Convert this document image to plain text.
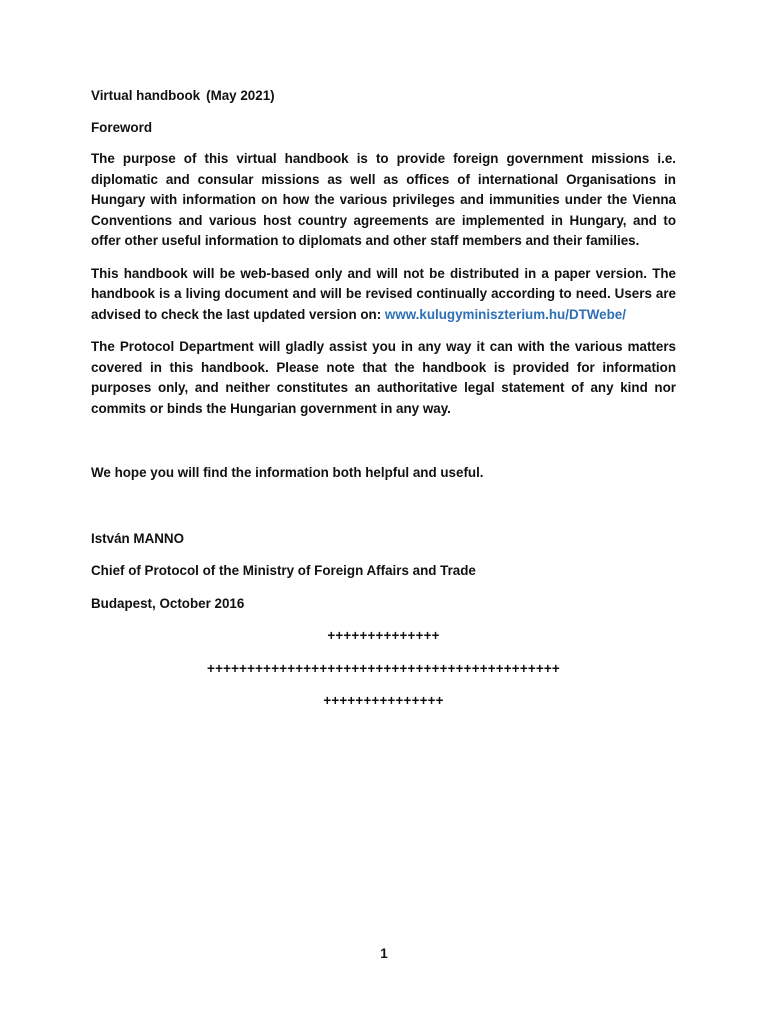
Virtual handbook (May 2021)

Foreword

The purpose of this virtual handbook is to provide foreign government missions i.e. diplomatic and consular missions as well as offices of international Organisations in Hungary with information on how the various privileges and immunities under the Vienna Conventions and various host country agreements are implemented in Hungary, and to offer other useful information to diplomats and other staff members and their families.

This handbook will be web-based only and will not be distributed in a paper version. The handbook is a living document and will be revised continually according to need. Users are advised to check the last updated version on: www.kulugyminiszterium.hu/DTWebe/

The Protocol Department will gladly assist you in any way it can with the various matters covered in this handbook. Please note that the handbook is provided for information purposes only, and neither constitutes an authoritative legal statement of any kind nor commits or binds the Hungarian government in any way.

We hope you will find the information both helpful and useful.

István MANNO

Chief of Protocol of the Ministry of Foreign Affairs and Trade

Budapest, October 2016

++++++++++++++

++++++++++++++++++++++++++++++++++++++++++++

+++++++++++++++

1
